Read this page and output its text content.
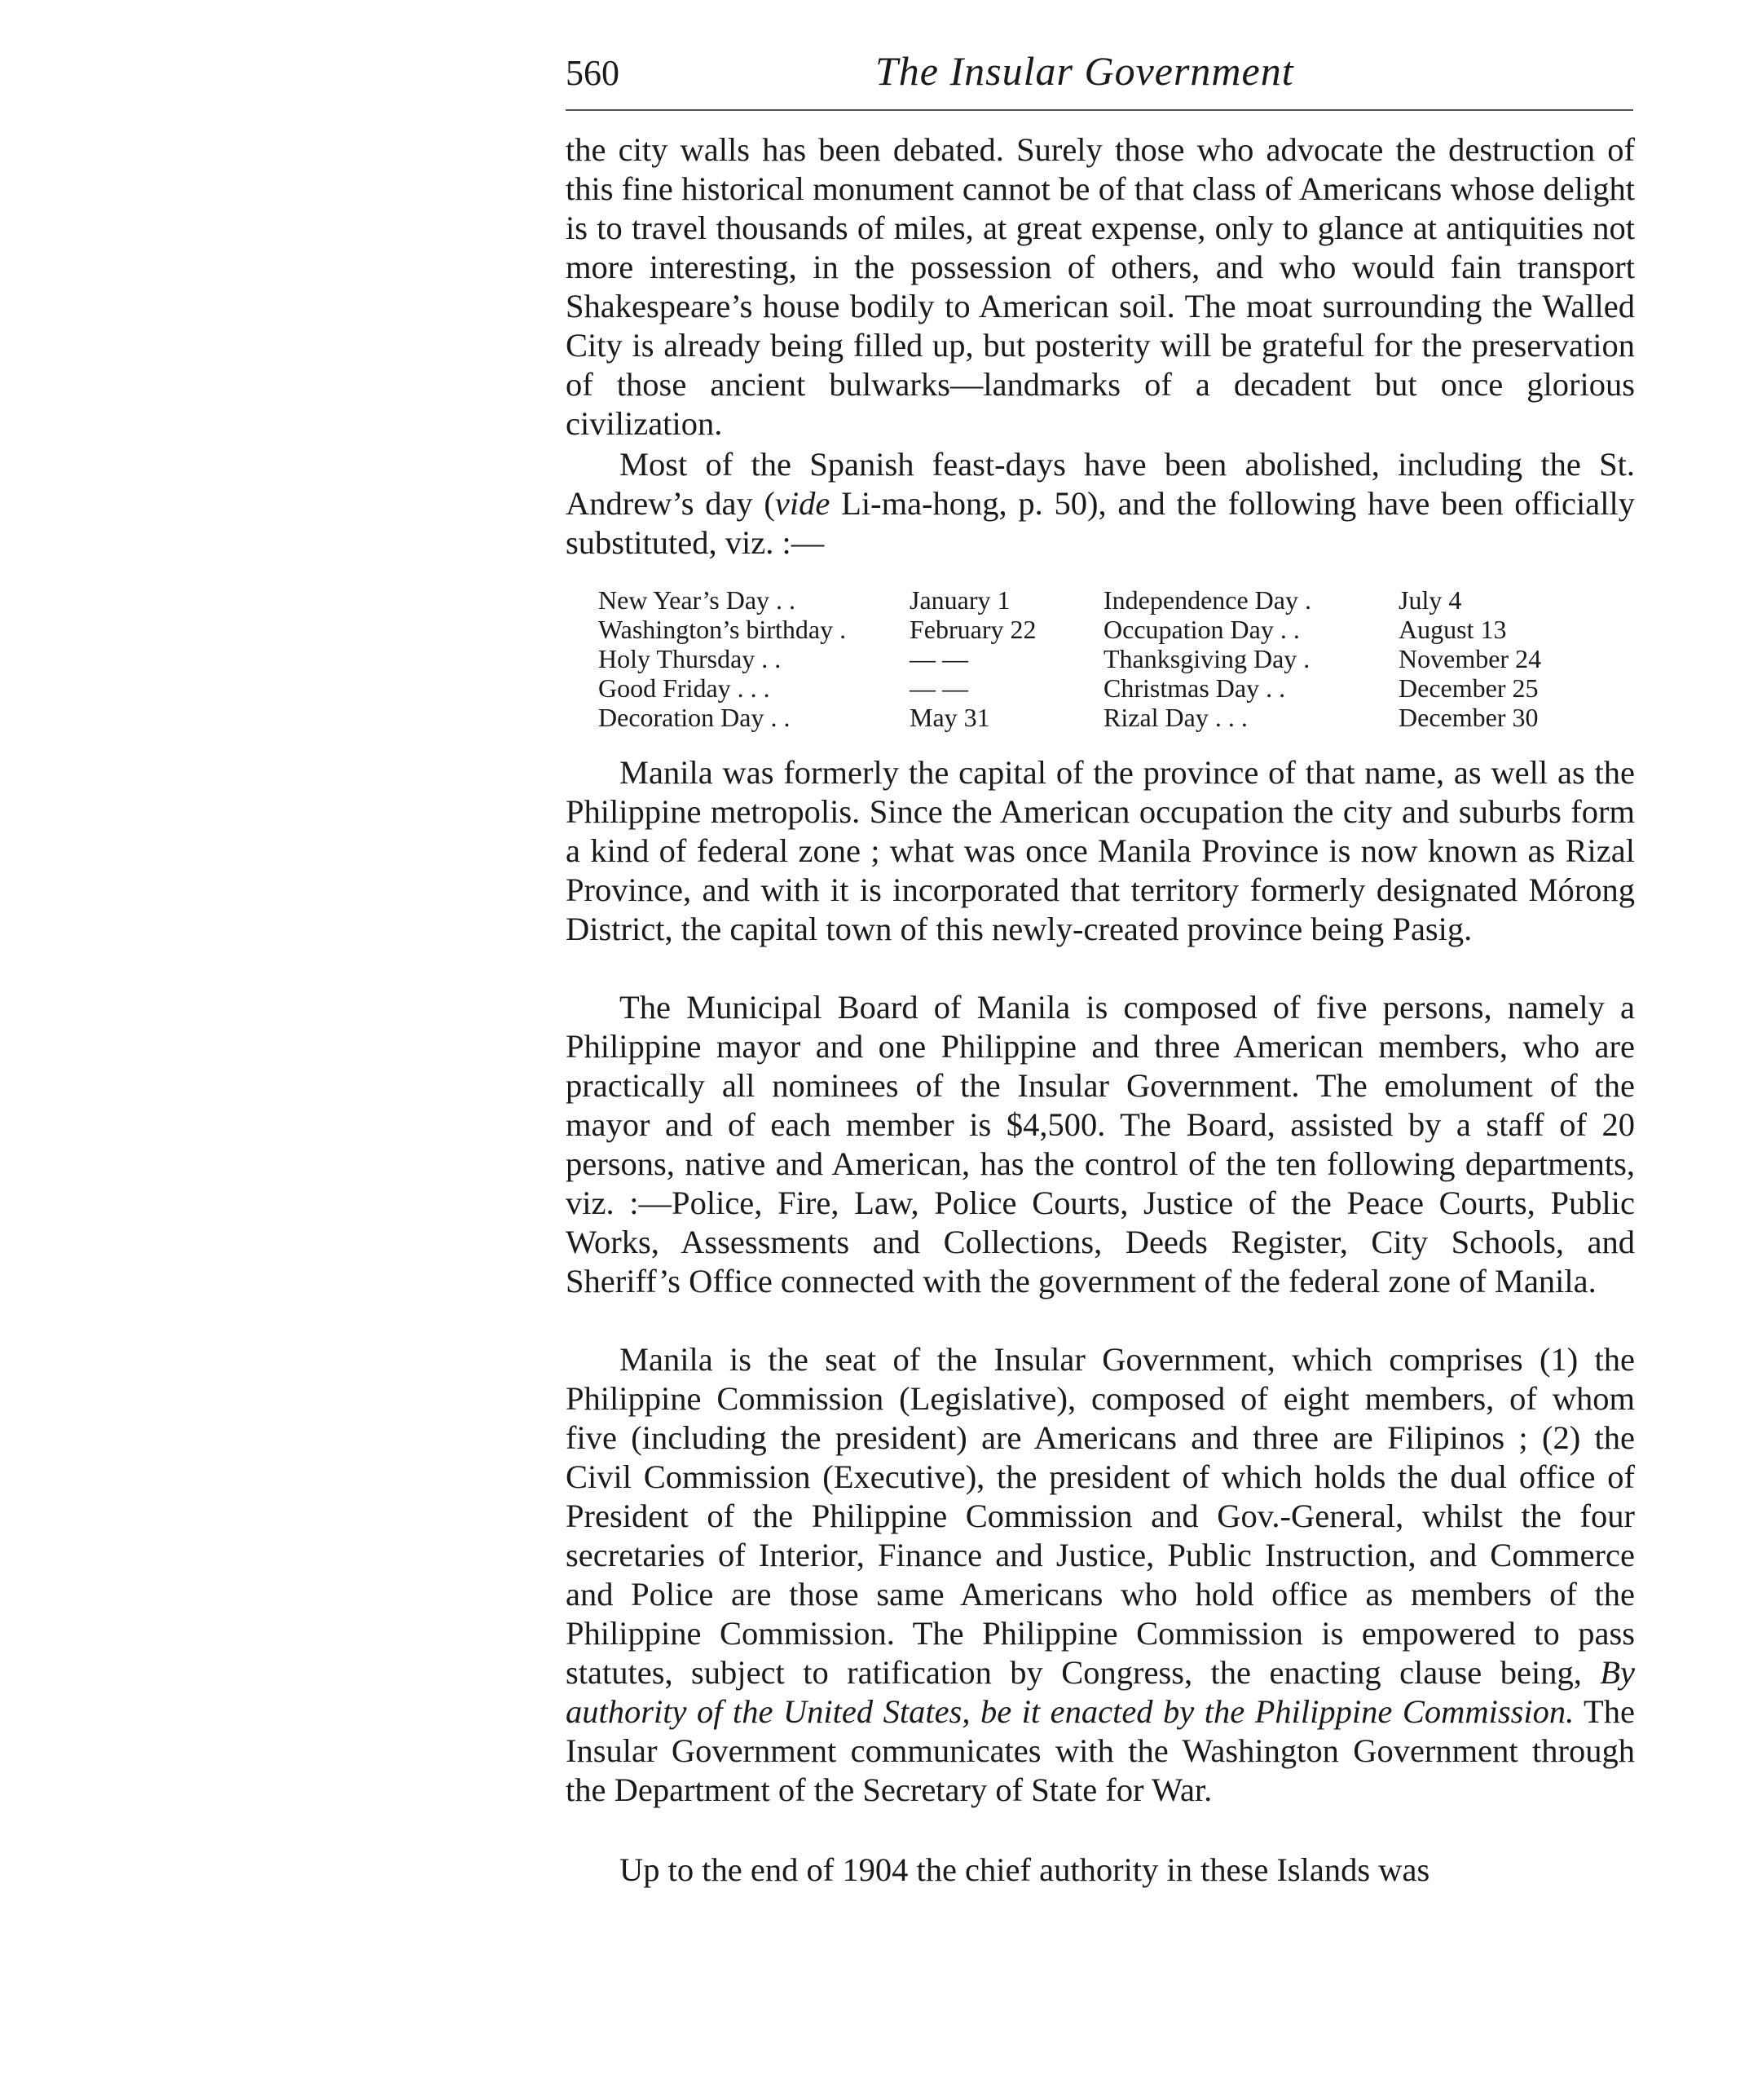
560	The Insular Government

the city walls has been debated. Surely those who advocate the destruction of this fine historical monument cannot be of that class of Americans whose delight is to travel thousands of miles, at great expense, only to glance at antiquities not more interesting, in the possession of others, and who would fain transport Shakespeare’s house bodily to American soil. The moat surrounding the Walled City is already being filled up, but posterity will be grateful for the preservation of those ancient bulwarks—landmarks of a decadent but once glorious civilization.

Most of the Spanish feast-days have been abolished, including the St. Andrew’s day (vide Li-ma-hong, p. 50), and the following have been officially substituted, viz. :—

New Year’s Day . .	January 1	Independence Day .	July 4
Washington’s birthday . February 22	Occupation Day . .	August 13
Holy Thursday . .	— —	Thanksgiving Day .	November 24
Good Friday . . .	— —	Christmas Day . .	December 25
Decoration Day . .	May 31	Rizal Day . . .	December 30

Manila was formerly the capital of the province of that name, as well as the Philippine metropolis. Since the American occupation the city and suburbs form a kind of federal zone ; what was once Manila Province is now known as Rizal Province, and with it is incorporated that territory formerly designated Mórong District, the capital town of this newly-created province being Pasig.

The Municipal Board of Manila is composed of five persons, namely a Philippine mayor and one Philippine and three American members, who are practically all nominees of the Insular Government. The emolument of the mayor and of each member is $4,500. The Board, assisted by a staff of 20 persons, native and American, has the control of the ten following departments, viz. :—Police, Fire, Law, Police Courts, Justice of the Peace Courts, Public Works, Assessments and Collections, Deeds Register, City Schools, and Sheriff’s Office connected with the government of the federal zone of Manila.

Manila is the seat of the Insular Government, which comprises (1) the Philippine Commission (Legislative), composed of eight members, of whom five (including the president) are Americans and three are Filipinos ; (2) the Civil Commission (Executive), the president of which holds the dual office of President of the Philippine Commission and Gov.-General, whilst the four secretaries of Interior, Finance and Justice, Public Instruction, and Commerce and Police are those same Americans who hold office as members of the Philippine Commission. The Philippine Commission is empowered to pass statutes, subject to ratification by Congress, the enacting clause being, By authority of the United States, be it enacted by the Philippine Commission. The Insular Government communicates with the Washington Government through the Department of the Secretary of State for War.

Up to the end of 1904 the chief authority in these Islands was
